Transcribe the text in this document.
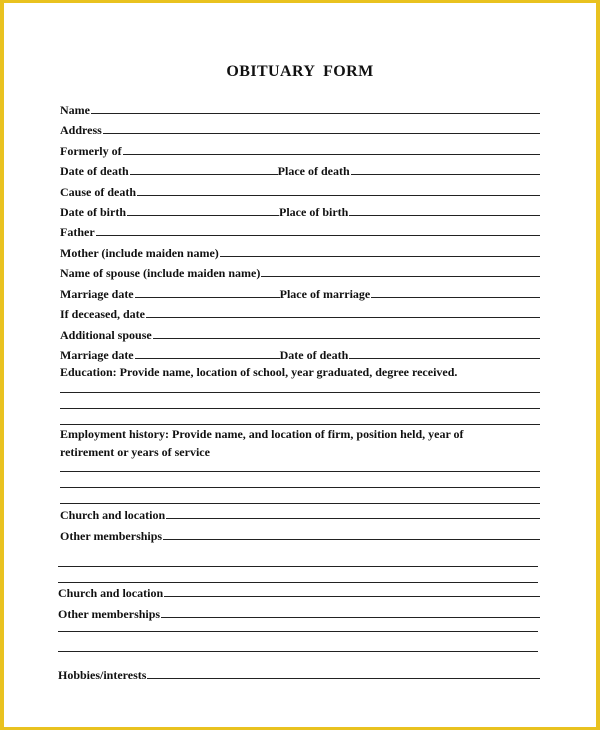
OBITUARY FORM
Name
Address
Formerly of
Date of death	Place of death
Cause of death
Date of birth	Place of birth
Father
Mother (include maiden name)
Name of spouse (include maiden name)
Marriage date	Place of marriage
If deceased, date
Additional spouse
Marriage date	Date of death
Education: Provide name, location of school, year graduated, degree received.
Employment history: Provide name, and location of firm, position held, year of
retirement or years of service
Church and location
Other memberships
Church and location
Other memberships
Hobbies/interests
